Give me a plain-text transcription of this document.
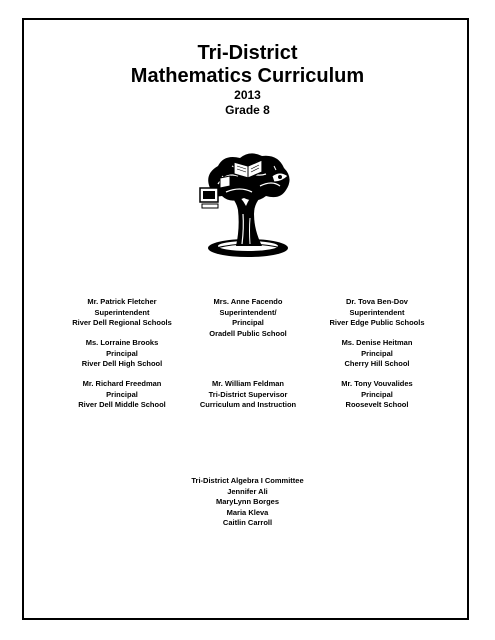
Tri-District

Mathematics Curriculum

2013

Grade 8

Mr. Patrick Fletcher
Superintendent
River Dell Regional Schools
Mrs. Anne Facendo
Superintendent/
Principal
Oradell Public School
Dr. Tova Ben-Dov
Superintendent
River Edge Public Schools
Ms. Lorraine Brooks
Principal
River Dell High School
Ms. Denise Heitman
Principal
Cherry Hill School
Mr. Richard Freedman
Principal
River Dell Middle School
Mr. William Feldman
Tri-District Supervisor
Curriculum and Instruction
Mr. Tony Vouvalides
Principal
Roosevelt School
Tri-District Algebra I Committee
Jennifer Ali
MaryLynn Borges
Maria Kleva
Caitlin Carroll
